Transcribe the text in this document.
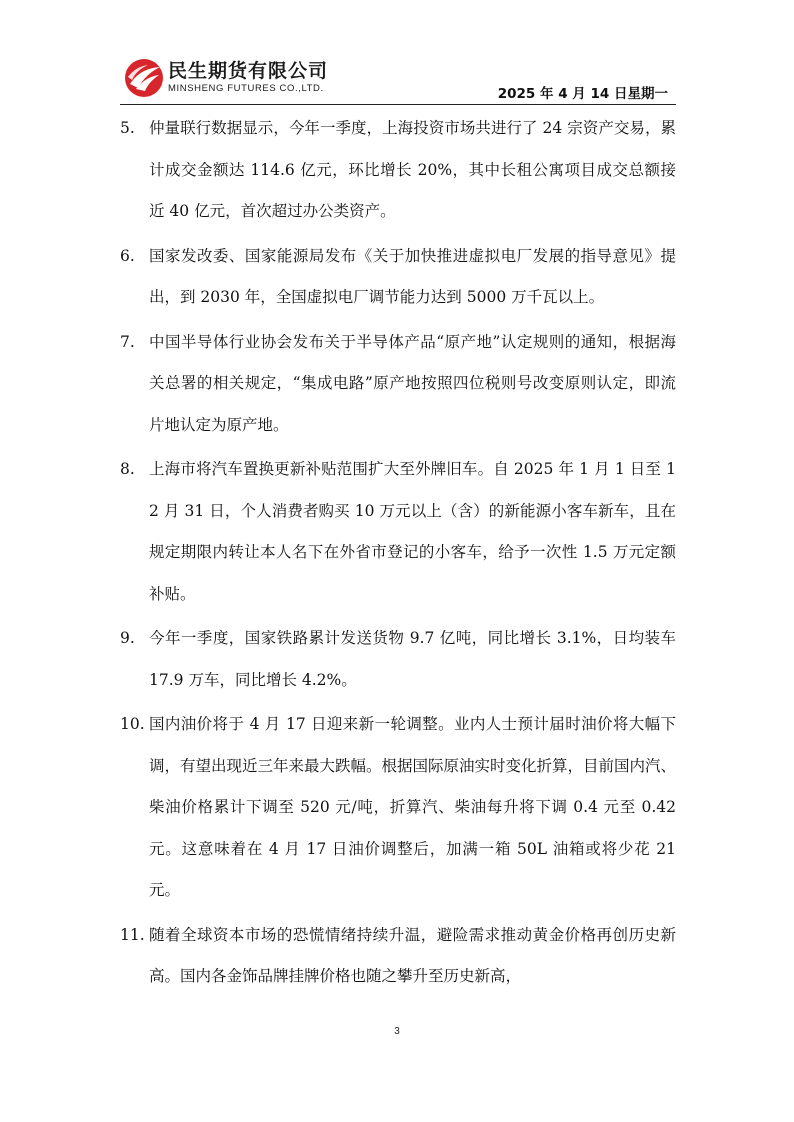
民生期货有限公司
MINSHENG FUTURES CO.,LTD.	2025 年 4 月 14 日星期一
5. 仲量联行数据显示，今年一季度，上海投资市场共进行了 24 宗资产交易，累计成交金额达 114.6 亿元，环比增长 20%，其中长租公寓项目成交总额接近 40 亿元，首次超过办公类资产。
6. 国家发改委、国家能源局发布《关于加快推进虚拟电厂发展的指导意见》提出，到 2030 年，全国虚拟电厂调节能力达到 5000 万千瓦以上。
7. 中国半导体行业协会发布关于半导体产品“原产地”认定规则的通知，根据海关总署的相关规定，“集成电路”原产地按照四位税则号改变原则认定，即流片地认定为原产地。
8. 上海市将汽车置换更新补贴范围扩大至外牌旧车。自 2025 年 1 月 1 日至 12 月 31 日，个人消费者购买 10 万元以上（含）的新能源小客车新车，且在规定期限内转让本人名下在外省市登记的小客车，给予一次性 1.5 万元定额补贴。
9. 今年一季度，国家铁路累计发送货物 9.7 亿吨，同比增长 3.1%，日均装车 17.9 万车，同比增长 4.2%。
10. 国内油价将于 4 月 17 日迎来新一轮调整。业内人士预计届时油价将大幅下调，有望出现近三年来最大跌幅。根据国际原油实时变化折算，目前国内汽、柴油价格累计下调至 520 元/吨，折算汽、柴油每升将下调 0.4 元至 0.42 元。这意味着在 4 月 17 日油价调整后，加满一箱 50L 油箱或将少花 21 元。
11. 随着全球资本市场的恐慌情绪持续升温，避险需求推动黄金价格再创历史新高。国内各金饰品牌挂牌价格也随之攀升至历史新高，
3
